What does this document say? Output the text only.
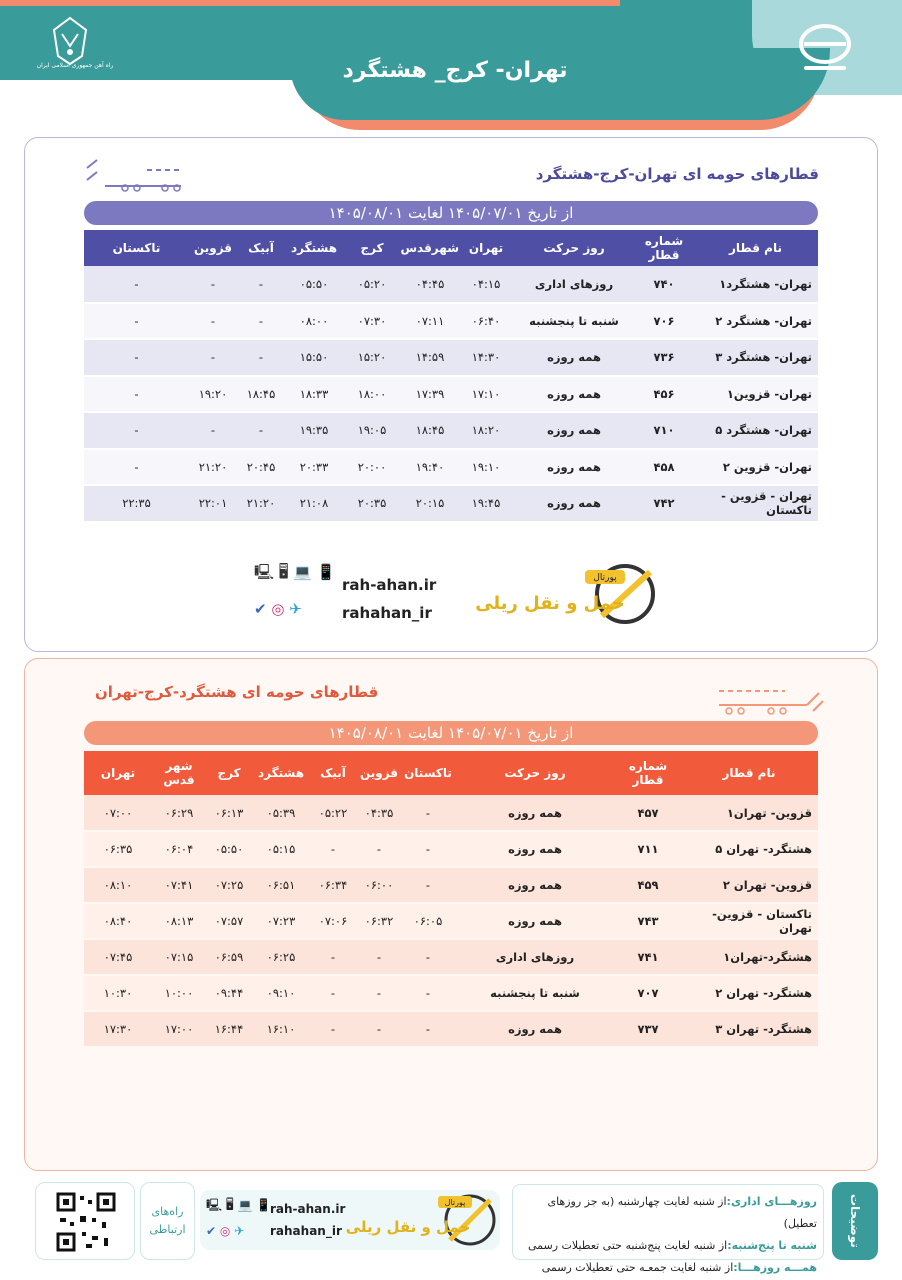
تهران- کرج_ هشتگرد
راه آهن جمهوری اسلامی ایران
قطارهای حومه ای تهران-کرج-هشتگرد
از تاریخ ۱۴۰۵/۰۷/۰۱ لغایت ۱۴۰۵/۰۸/۰۱
نام قطار	شماره قطار	روز حرکت	تهران	شهرقدس	کرج	هشتگرد	آبیک	قزوین	تاکستان
تهران- هشتگرد۱	۷۴۰	روزهای اداری	۰۴:۱۵	۰۴:۴۵	۰۵:۲۰	۰۵:۵۰	-	-	-
تهران- هشتگرد ۲	۷۰۶	شنبه تا پنجشنبه	۰۶:۴۰	۰۷:۱۱	۰۷:۳۰	۰۸:۰۰	-	-	-
تهران- هشتگرد ۳	۷۳۶	همه روزه	۱۴:۳۰	۱۴:۵۹	۱۵:۲۰	۱۵:۵۰	-	-	-
تهران- قزوین۱	۴۵۶	همه روزه	۱۷:۱۰	۱۷:۳۹	۱۸:۰۰	۱۸:۳۳	۱۸:۴۵	۱۹:۲۰	-
تهران- هشتگرد ۵	۷۱۰	همه روزه	۱۸:۲۰	۱۸:۴۵	۱۹:۰۵	۱۹:۳۵	-	-	-
تهران- قزوین ۲	۴۵۸	همه روزه	۱۹:۱۰	۱۹:۴۰	۲۰:۰۰	۲۰:۳۳	۲۰:۴۵	۲۱:۲۰	-
تهران - قزوین - تاکستان	۷۴۲	همه روزه	۱۹:۴۵	۲۰:۱۵	۲۰:۳۵	۲۱:۰۸	۲۱:۲۰	۲۲:۰۱	۲۲:۳۵
🖳 🖥 💻 📱
✔ ◎ ✈
rah-ahan.ir
rahahan_ir
پورتال
حمل و نقل ریلی
قطارهای حومه ای هشتگرد-کرج-تهران
از تاریخ ۱۴۰۵/۰۷/۰۱ لغایت ۱۴۰۵/۰۸/۰۱
نام قطار	شماره قطار	روز حرکت	تاکستان	قزوین	آبیک	هشتگرد	کرج	شهر قدس	تهران
قزوین- تهران۱	۴۵۷	همه روزه	-	۰۴:۳۵	۰۵:۲۲	۰۵:۳۹	۰۶:۱۳	۰۶:۲۹	۰۷:۰۰
هشتگرد- تهران ۵	۷۱۱	همه روزه	-	-	-	۰۵:۱۵	۰۵:۵۰	۰۶:۰۴	۰۶:۳۵
قزوین- تهران ۲	۴۵۹	همه روزه	-	۰۶:۰۰	۰۶:۳۴	۰۶:۵۱	۰۷:۲۵	۰۷:۴۱	۰۸:۱۰
تاکستان - قزوین- تهران	۷۴۳	همه روزه	۰۶:۰۵	۰۶:۳۲	۰۷:۰۶	۰۷:۲۳	۰۷:۵۷	۰۸:۱۳	۰۸:۴۰
هشتگرد-تهران۱	۷۴۱	روزهای اداری	-	-	-	۰۶:۲۵	۰۶:۵۹	۰۷:۱۵	۰۷:۴۵
هشتگرد- تهران ۲	۷۰۷	شنبه تا پنجشنبه	-	-	-	۰۹:۱۰	۰۹:۴۴	۱۰:۰۰	۱۰:۳۰
هشتگرد- تهران ۳	۷۳۷	همه روزه	-	-	-	۱۶:۱۰	۱۶:۴۴	۱۷:۰۰	۱۷:۳۰
راه‌های ارتباطی
🖳 🖥 💻 📱
✔ ◎ ✈
rah-ahan.ir
rahahan_ir
پورتال
حمل و نقل ریلی
روزهـــای اداری:از شنبه لغایت چهارشنبه (به جز روزهای تعطیل)
شنبه تا پنج‌شنبه:از شنبه لغایت پنج‌شنبه حتی تعطیلات رسمی
همـــه روزهـــا:از شنبه لغایت جمعـه حتی تعطیلات رسمی
توضیحات
